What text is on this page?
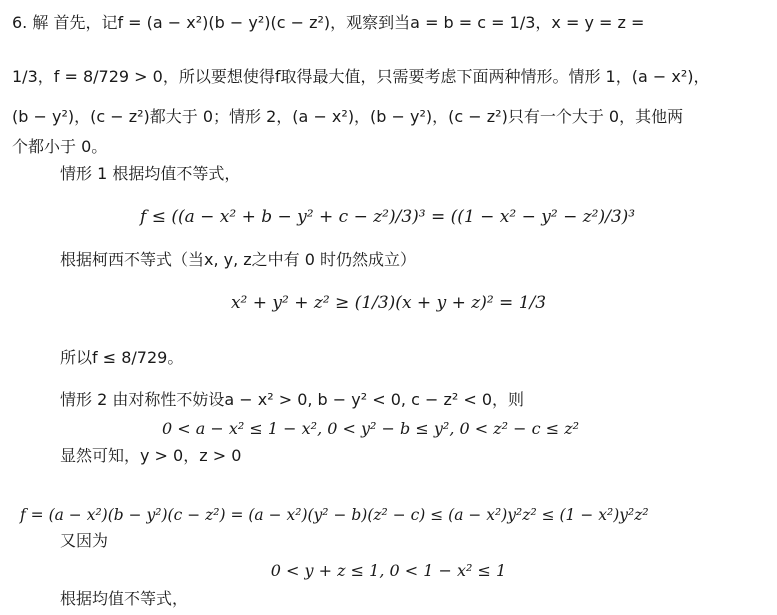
6. 解 首先，记f = (a − x²)(b − y²)(c − z²)，观察到当a = b = c = 1/3，x = y = z =
1/3，f = 8/729 > 0，所以要想使得f取得最大值，只需要考虑下面两种情形。情形 1，(a − x²)，
(b − y²)，(c − z²)都大于 0；情形 2，(a − x²)，(b − y²)，(c − z²)只有一个大于 0，其他两
个都小于 0。
情形 1 根据均值不等式，
f ≤ ((a − x² + b − y² + c − z²)/3)³ = ((1 − x² − y² − z²)/3)³
根据柯西不等式（当x, y, z之中有 0 时仍然成立）
x² + y² + z² ≥ (1/3)(x + y + z)² = 1/3
所以f ≤ 8/729。
情形 2 由对称性不妨设a − x² > 0, b − y² < 0, c − z² < 0，则
0 < a − x² ≤ 1 − x², 0 < y² − b ≤ y², 0 < z² − c ≤ z²
显然可知，y > 0，z > 0
f = (a − x²)(b − y²)(c − z²) = (a − x²)(y² − b)(z² − c) ≤ (a − x²)y²z² ≤ (1 − x²)y²z²
又因为
0 < y + z ≤ 1, 0 < 1 − x² ≤ 1
根据均值不等式，
